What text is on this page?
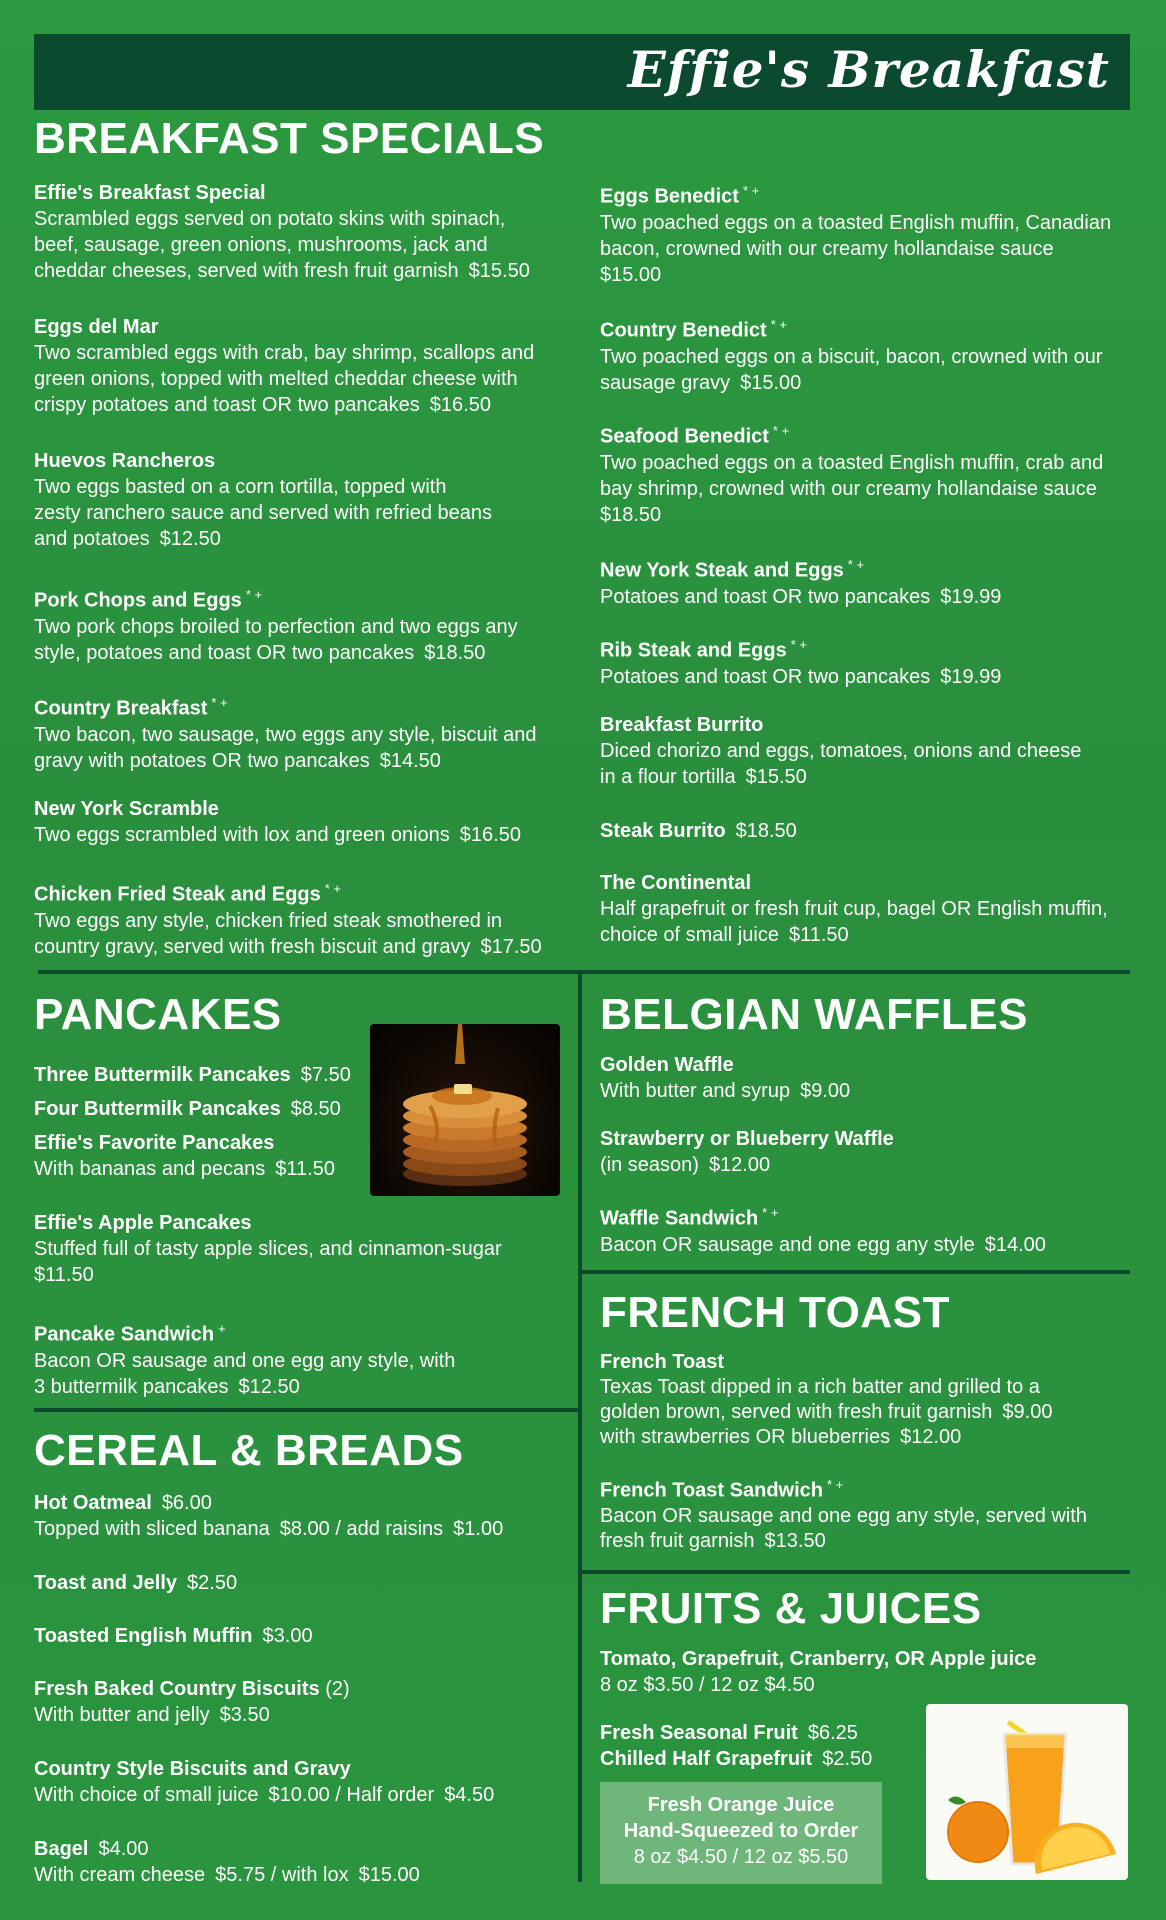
Effie's Breakfast
BREAKFAST SPECIALS
Effie's Breakfast Special
Scrambled eggs served on potato skins with spinach,
beef, sausage, green onions, mushrooms, jack and
cheddar cheeses, served with fresh fruit garnish $15.50
Eggs del Mar
Two scrambled eggs with crab, bay shrimp, scallops and
green onions, topped with melted cheddar cheese with
crispy potatoes and toast OR two pancakes $16.50
Huevos Rancheros
Two eggs basted on a corn tortilla, topped with
zesty ranchero sauce and served with refried beans
and potatoes $12.50
Pork Chops and Eggs * +
Two pork chops broiled to perfection and two eggs any
style, potatoes and toast OR two pancakes $18.50
Country Breakfast * +
Two bacon, two sausage, two eggs any style, biscuit and
gravy with potatoes OR two pancakes $14.50
New York Scramble
Two eggs scrambled with lox and green onions $16.50
Chicken Fried Steak and Eggs * +
Two eggs any style, chicken fried steak smothered in
country gravy, served with fresh biscuit and gravy $17.50
Eggs Benedict * +
Two poached eggs on a toasted English muffin, Canadian
bacon, crowned with our creamy hollandaise sauce
$15.00
Country Benedict * +
Two poached eggs on a biscuit, bacon, crowned with our
sausage gravy $15.00
Seafood Benedict * +
Two poached eggs on a toasted English muffin, crab and
bay shrimp, crowned with our creamy hollandaise sauce
$18.50
New York Steak and Eggs * +
Potatoes and toast OR two pancakes $19.99
Rib Steak and Eggs * +
Potatoes and toast OR two pancakes $19.99
Breakfast Burrito
Diced chorizo and eggs, tomatoes, onions and cheese
in a flour tortilla $15.50
Steak Burrito $18.50
The Continental
Half grapefruit or fresh fruit cup, bagel OR English muffin,
choice of small juice $11.50
PANCAKES
Three Buttermilk Pancakes $7.50
Four Buttermilk Pancakes $8.50
Effie's Favorite Pancakes
With bananas and pecans $11.50
Effie's Apple Pancakes
Stuffed full of tasty apple slices, and cinnamon-sugar
$11.50
Pancake Sandwich +
Bacon OR sausage and one egg any style, with
3 buttermilk pancakes $12.50
CEREAL & BREADS
Hot Oatmeal $6.00
Topped with sliced banana $8.00 / add raisins $1.00
Toast and Jelly $2.50
Toasted English Muffin $3.00
Fresh Baked Country Biscuits (2)
With butter and jelly $3.50
Country Style Biscuits and Gravy
With choice of small juice $10.00 / Half order $4.50
Bagel $4.00
With cream cheese $5.75 / with lox $15.00
BELGIAN WAFFLES
Golden Waffle
With butter and syrup $9.00
Strawberry or Blueberry Waffle
(in season) $12.00
Waffle Sandwich * +
Bacon OR sausage and one egg any style $14.00
FRENCH TOAST
French Toast
Texas Toast dipped in a rich batter and grilled to a
golden brown, served with fresh fruit garnish $9.00
with strawberries OR blueberries $12.00
French Toast Sandwich * +
Bacon OR sausage and one egg any style, served with
fresh fruit garnish $13.50
FRUITS & JUICES
Tomato, Grapefruit, Cranberry, OR Apple juice
8 oz $3.50 / 12 oz $4.50
Fresh Seasonal Fruit $6.25
Chilled Half Grapefruit $2.50
Fresh Orange Juice
Hand-Squeezed to Order
8 oz $4.50 / 12 oz $5.50
